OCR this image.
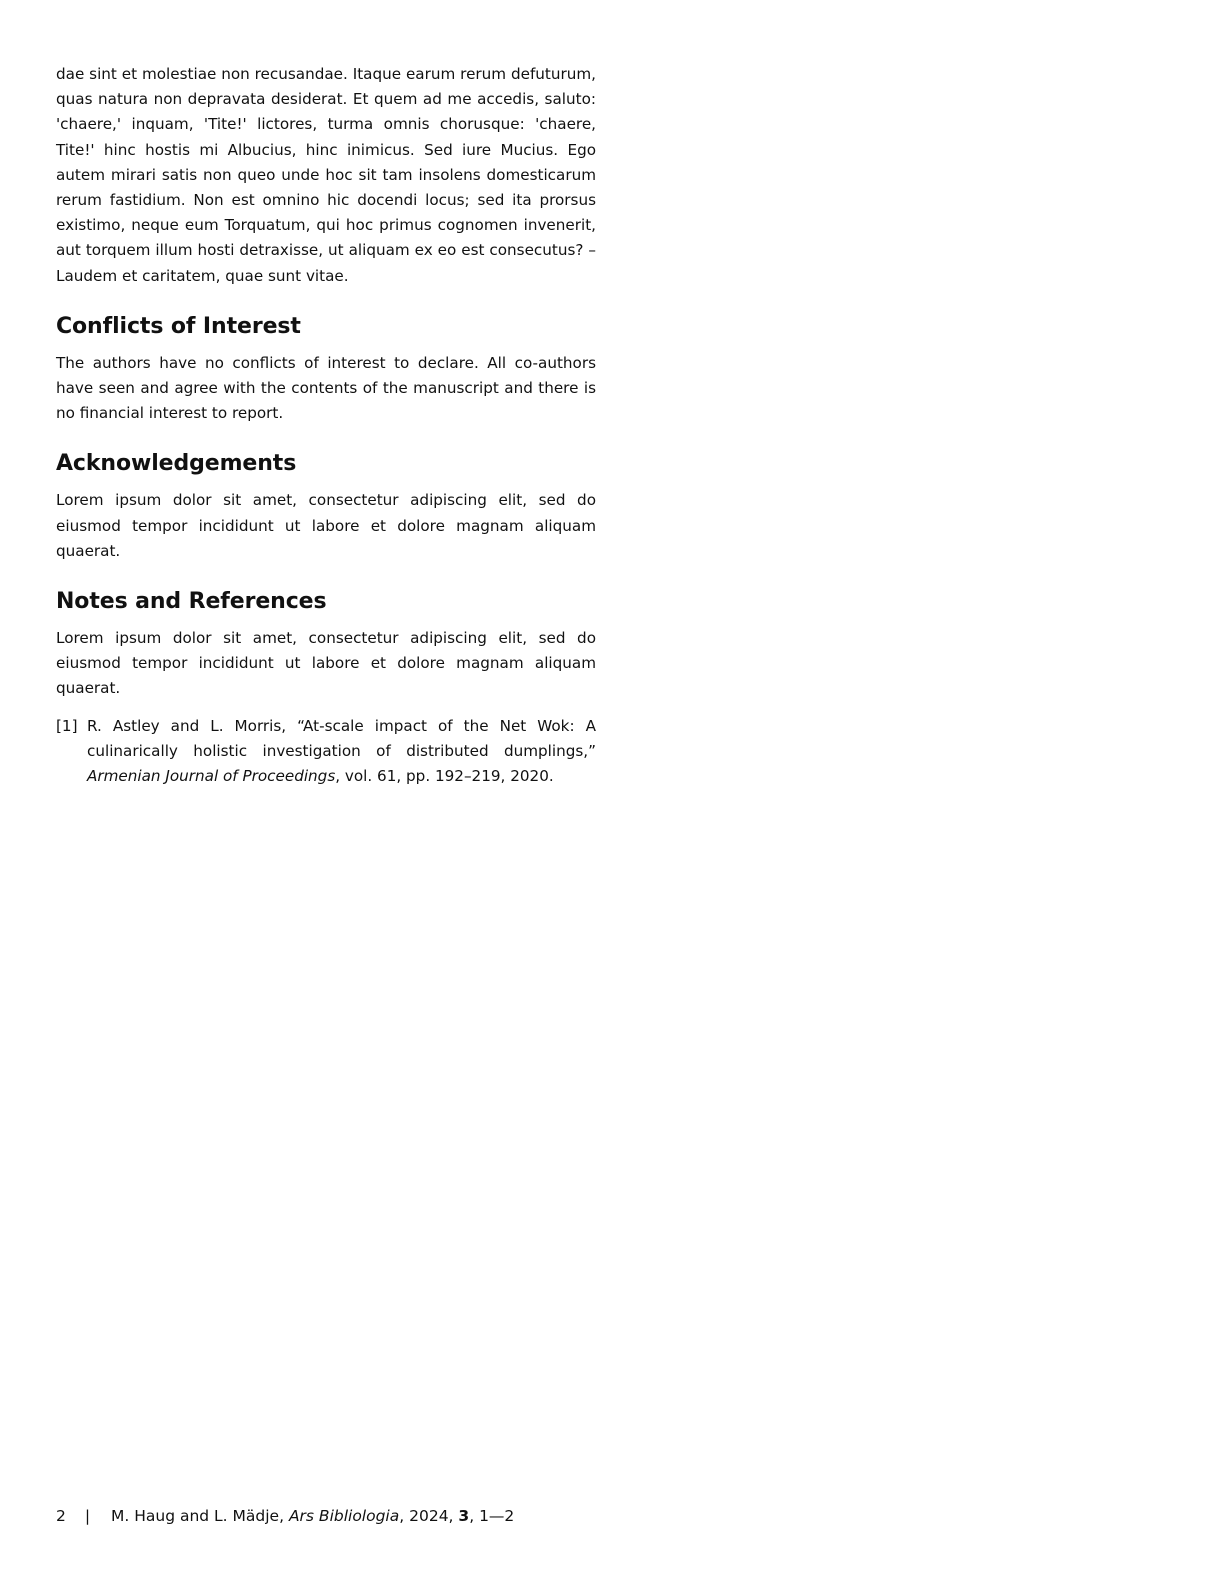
dae sint et molestiae non recusandae. Itaque earum rerum defuturum, quas natura non depravata desiderat. Et quem ad me accedis, saluto: 'chaere,' inquam, 'Tite!' lictores, turma omnis chorusque: 'chaere, Tite!' hinc hostis mi Albucius, hinc inimicus. Sed iure Mucius. Ego autem mirari satis non queo unde hoc sit tam insolens domesticarum rerum fastidium. Non est omnino hic docendi locus; sed ita prorsus existimo, neque eum Torquatum, qui hoc primus cognomen invenerit, aut torquem illum hosti detraxisse, ut aliquam ex eo est consecutus? – Laudem et caritatem, quae sunt vitae.

Conflicts of Interest

The authors have no conflicts of interest to declare. All co-authors have seen and agree with the contents of the manuscript and there is no financial interest to report.

Acknowledgements

Lorem ipsum dolor sit amet, consectetur adipiscing elit, sed do eiusmod tempor incididunt ut labore et dolore magnam aliquam quaerat.

Notes and References

Lorem ipsum dolor sit amet, consectetur adipiscing elit, sed do eiusmod tempor incididunt ut labore et dolore magnam aliquam quaerat.

[1] R. Astley and L. Morris, “At-scale impact of the Net Wok: A culinarically holistic investigation of distributed dumplings,” Armenian Journal of Proceedings, vol. 61, pp. 192–219, 2020.
2 | M. Haug and L. Mädje, Ars Bibliologia, 2024, 3, 1—2
